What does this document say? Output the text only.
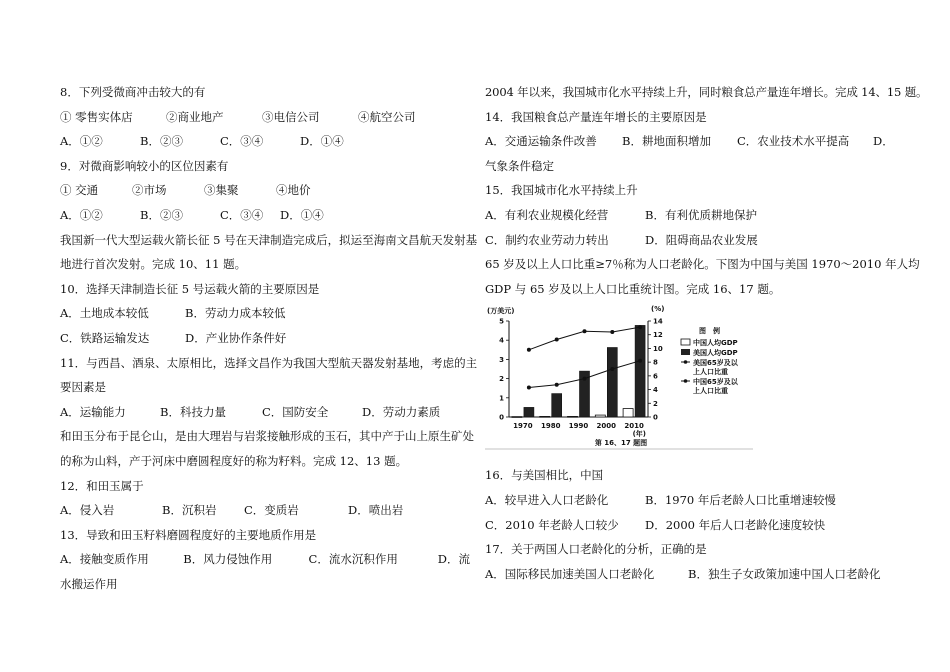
8．下列受微商冲击较大的有
① 零售实体店	②商业地产	③电信公司	④航空公司
A．①②	B．②③	C．③④	D．①④
9．对微商影响较小的区位因素有
① 交通	②市场	③集聚	④地价
A．①②	B．②③	C．③④	D．①④
我国新一代大型运载火箭长征 5 号在天津制造完成后，拟运至海南文昌航天发射基
地进行首次发射。完成 10、11 题。
10．选择天津制造长征 5 号运载火箭的主要原因是
A．土地成本较低	B．劳动力成本较低
C．铁路运输发达	D．产业协作条件好
11．与西昌、酒泉、太原相比，选择文昌作为我国大型航天器发射基地，考虑的主
要因素是
A．运输能力	B．科技力量	C．国防安全	D．劳动力素质
和田玉分布于昆仑山，是由大理岩与岩浆接触形成的玉石，其中产于山上原生矿处
的称为山料，产于河床中磨圆程度好的称为籽料。完成 12、13 题。
12．和田玉属于
A．侵入岩	B．沉积岩	C．变质岩	D．喷出岩
13．导致和田玉籽料磨圆程度好的主要地质作用是
A．接触变质作用	B．风力侵蚀作用	C．流水沉积作用	D．流
水搬运作用
2004 年以来，我国城市化水平持续上升，同时粮食总产量连年增长。完成 14、15 题。
14．我国粮食总产量连年增长的主要原因是
A．交通运输条件改善	B．耕地面积增加	C．农业技术水平提高	D．
气象条件稳定
15．我国城市化水平持续上升
A．有利农业规模化经营	B．有利优质耕地保护
C．制约农业劳动力转出	D．阻碍商品农业发展
65 岁及以上人口比重≥7％称为人口老龄化。下图为中国与美国 1970～2010 年人均
GDP 与 65 岁及以上人口比重统计图。完成 16、17 题。
(万美元)	(%)
0
1
2
3
4
5
0
2
4
6
8
10
12
14
1970 1980 1990 2000 2010
(年)
图　例
中国人均GDP
美国人均GDP
美国65岁及以
上人口比重
中国65岁及以
上人口比重
第 16、17 题图
16．与美国相比，中国
A．较早进入人口老龄化	B．1970 年后老龄人口比重增速较慢
C．2010 年老龄人口较少	D．2000 年后人口老龄化速度较快
17．关于两国人口老龄化的分析，正确的是
A．国际移民加速美国人口老龄化	B．独生子女政策加速中国人口老龄化
